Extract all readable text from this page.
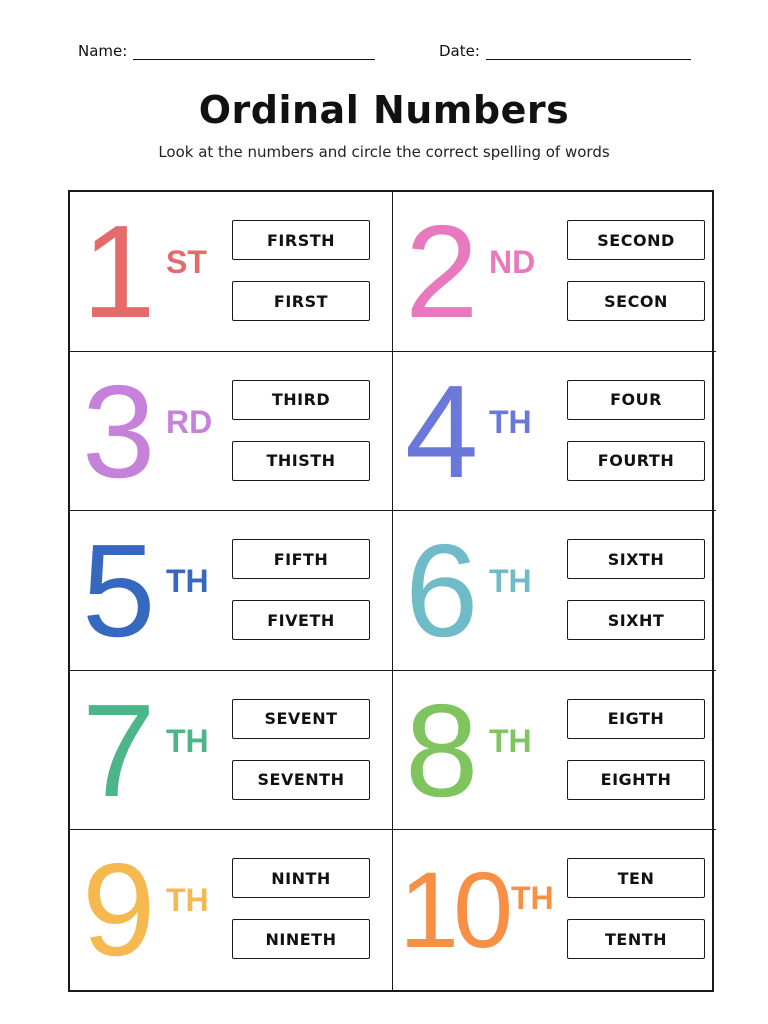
Name:	Date:
Ordinal Numbers
Look at the numbers and circle the correct spelling of words
1 ST
FIRSTH
FIRST 2 ND
SECOND
SECON
3 RD
THIRD
THISTH 4 TH
FOUR
FOURTH
5 TH
FIFTH
FIVETH 6 TH
SIXTH
SIXHT
7 TH
SEVENT
SEVENTH 8 TH
EIGTH
EIGHTH
9 TH
NINTH
NINETH 10 TH
TEN
TENTH
